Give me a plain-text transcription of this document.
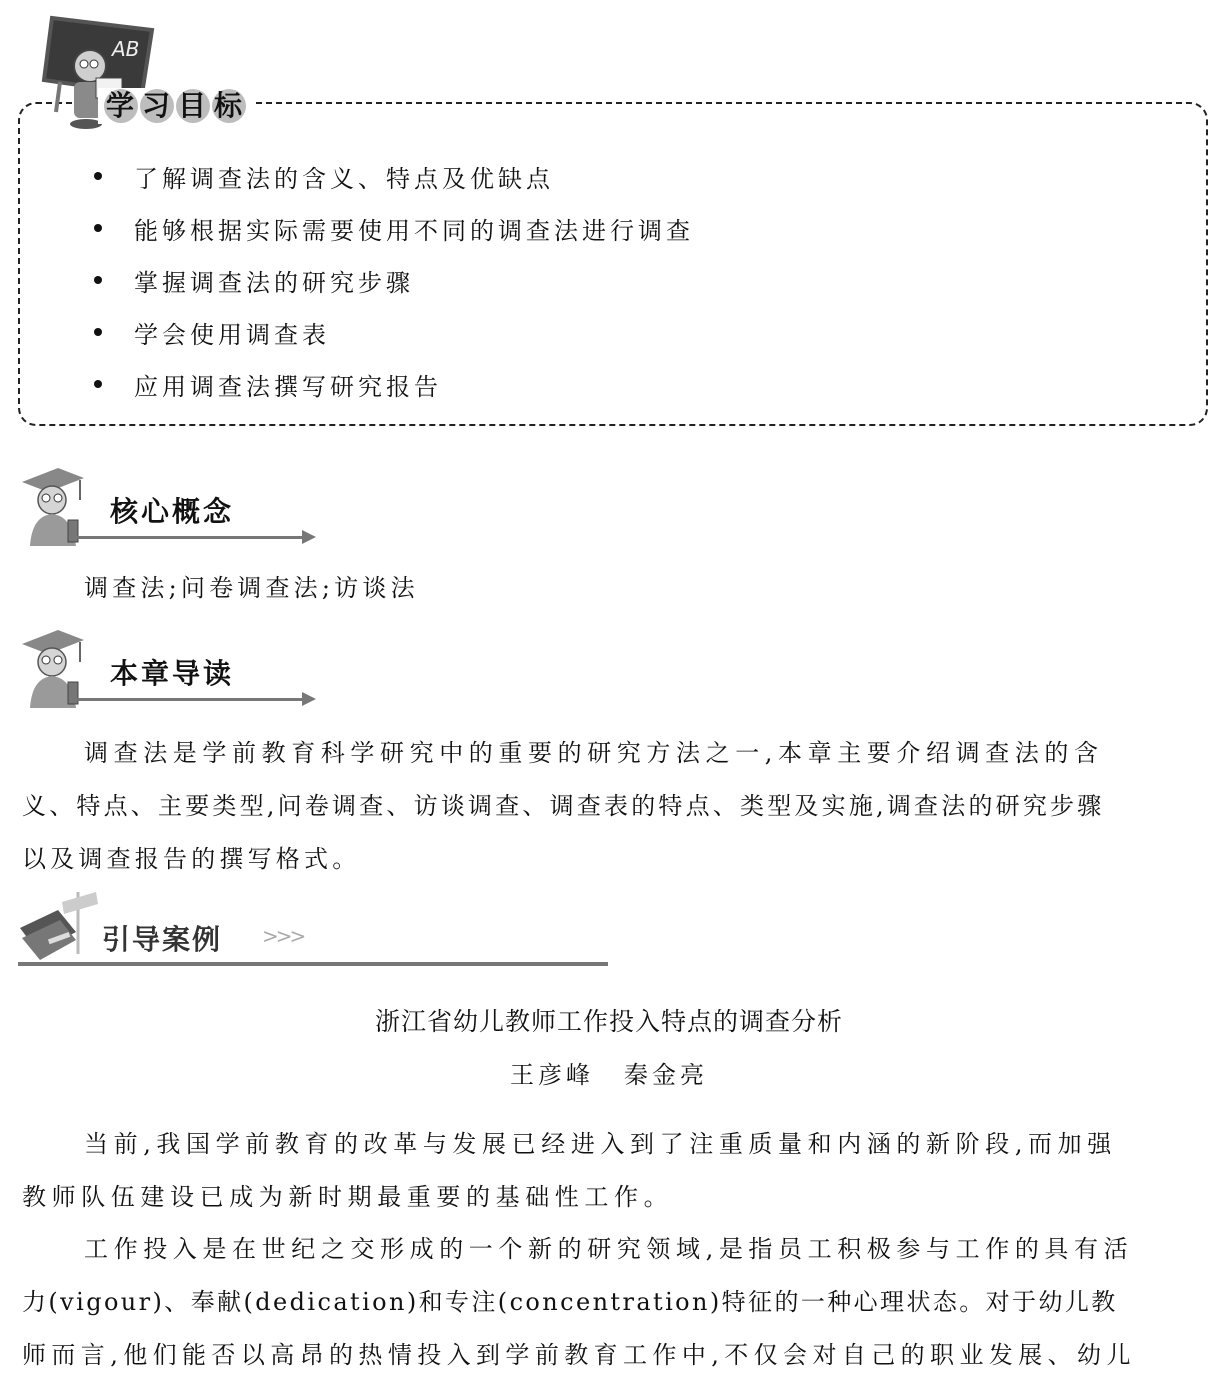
AB
学 习 目 标
了解调查法的含义、特点及优缺点
能够根据实际需要使用不同的调查法进行调查
掌握调查法的研究步骤
学会使用调查表
应用调查法撰写研究报告
核心概念
调查法;问卷调查法;访谈法
本章导读
调查法是学前教育科学研究中的重要的研究方法之一,本章主要介绍调查法的含
义、特点、主要类型,问卷调查、访谈调查、调查表的特点、类型及实施,调查法的研究步骤
以及调查报告的撰写格式。
引导案例 >>>
浙江省幼儿教师工作投入特点的调查分析
王彦峰 秦金亮
当前,我国学前教育的改革与发展已经进入到了注重质量和内涵的新阶段,而加强
教师队伍建设已成为新时期最重要的基础性工作。
工作投入是在世纪之交形成的一个新的研究领域,是指员工积极参与工作的具有活
力(vigour)、奉献(dedication)和专注(concentration)特征的一种心理状态。对于幼儿教
师而言,他们能否以高昂的热情投入到学前教育工作中,不仅会对自己的职业发展、幼儿
